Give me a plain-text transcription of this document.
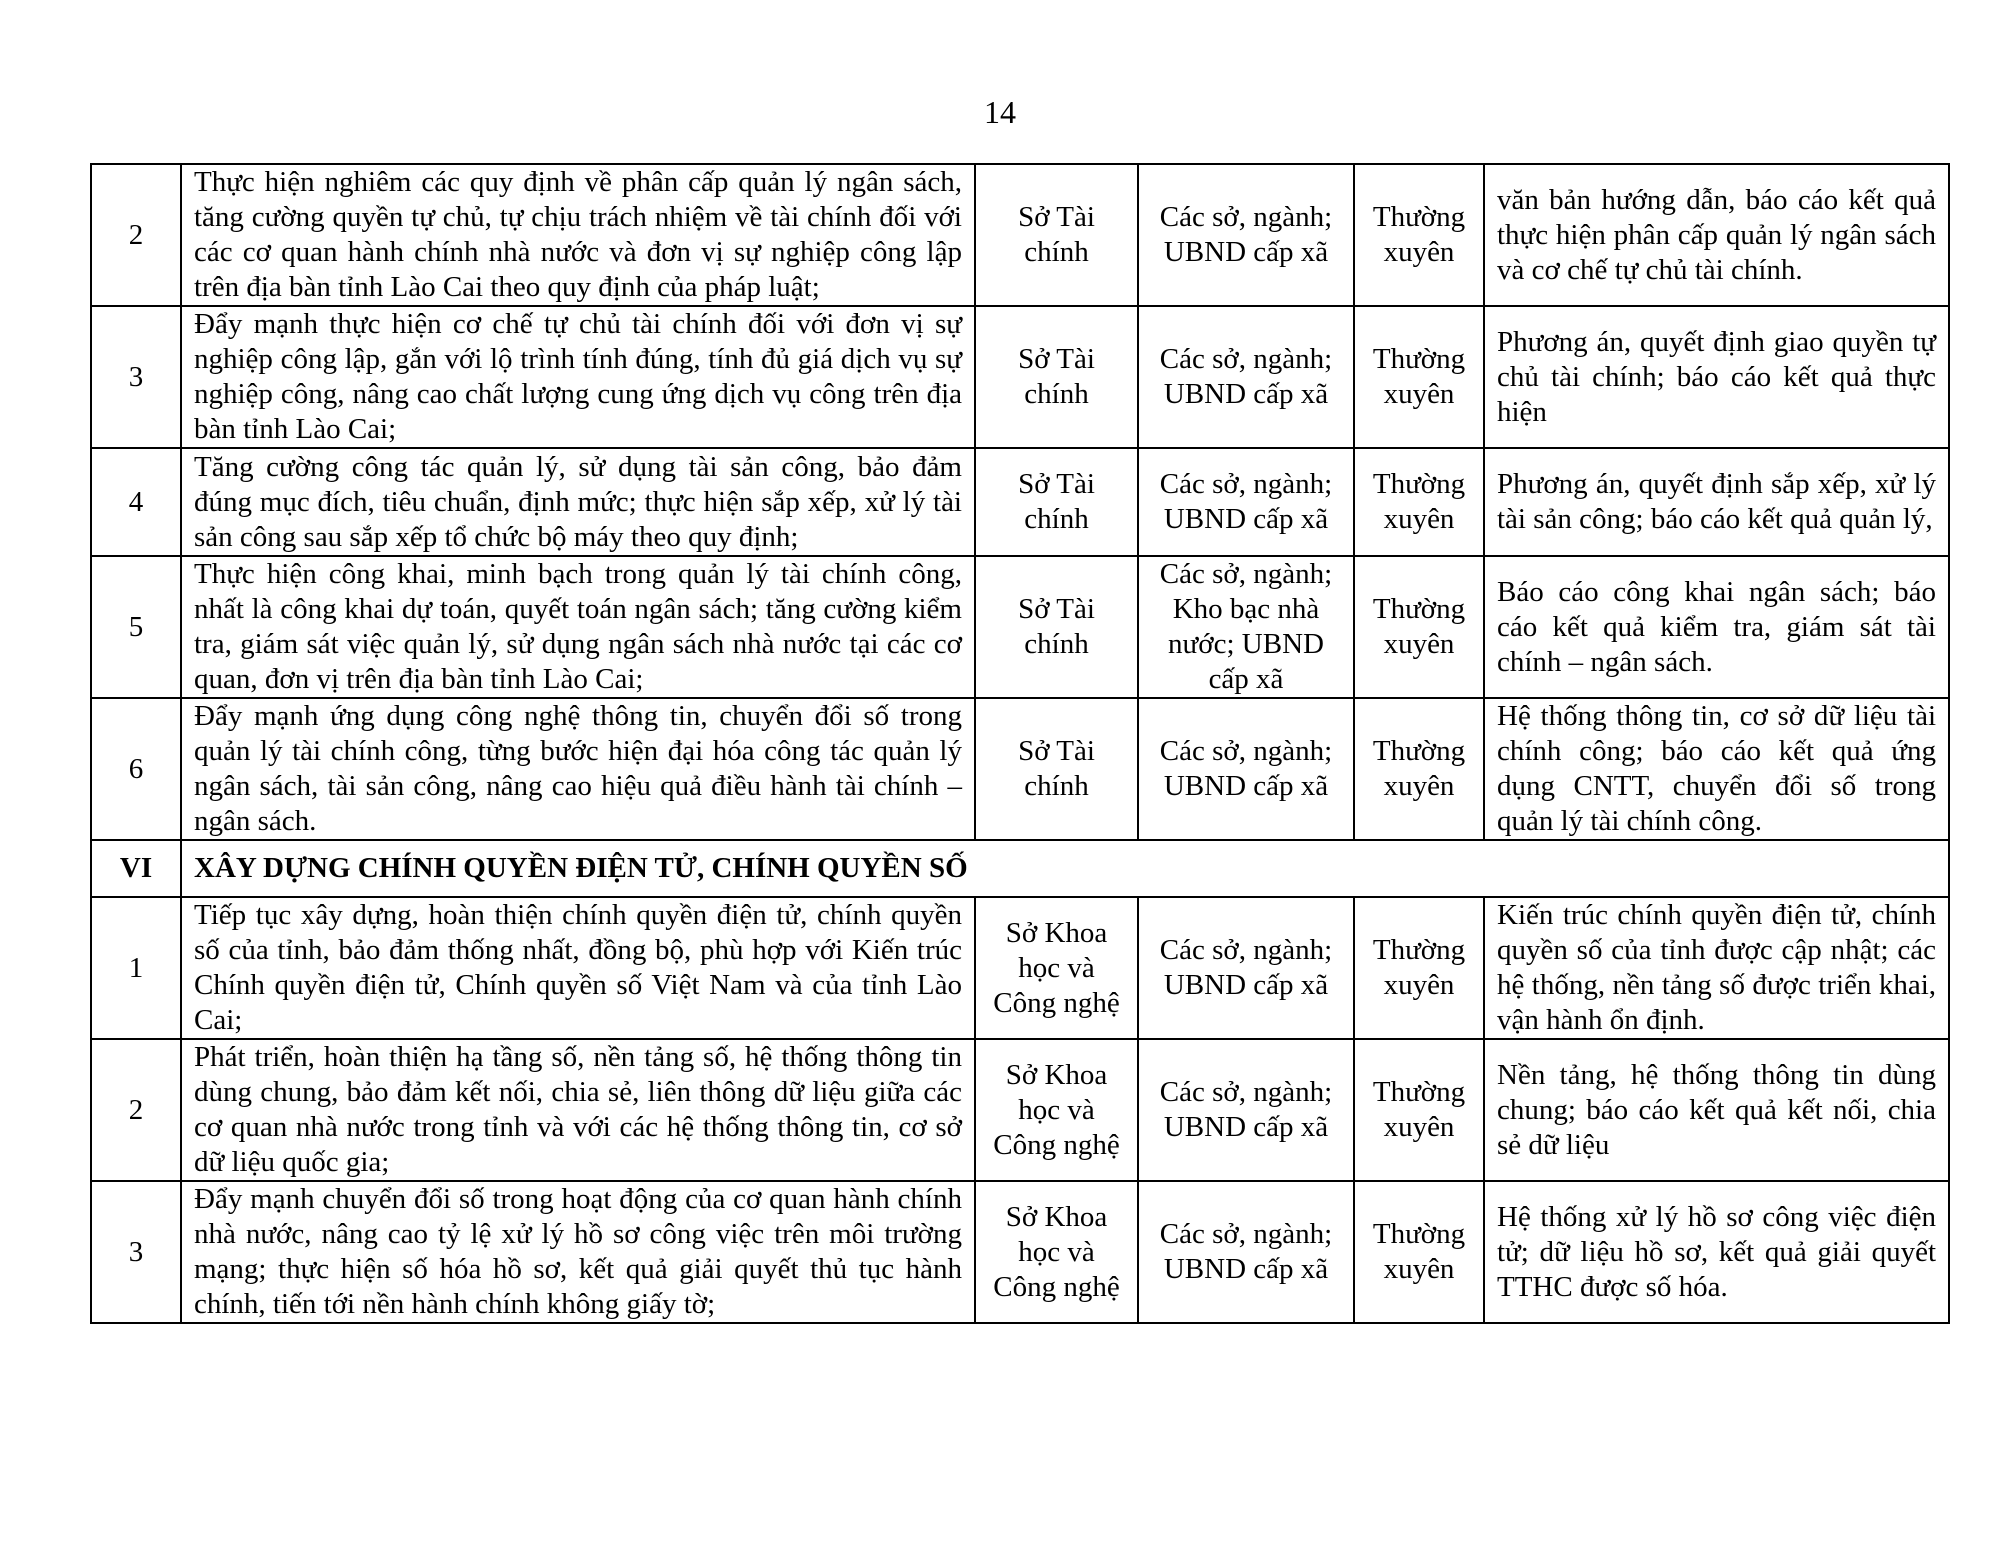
14
2	Thực hiện nghiêm các quy định về phân cấp quản lý ngân sách, tăng cường quyền tự chủ, tự chịu trách nhiệm về tài chính đối với các cơ quan hành chính nhà nước và đơn vị sự nghiệp công lập trên địa bàn tỉnh Lào Cai theo quy định của pháp luật;	Sở Tài chính	Các sở, ngành; UBND cấp xã	Thường xuyên	văn bản hướng dẫn, báo cáo kết quả thực hiện phân cấp quản lý ngân sách và cơ chế tự chủ tài chính.
3	Đẩy mạnh thực hiện cơ chế tự chủ tài chính đối với đơn vị sự nghiệp công lập, gắn với lộ trình tính đúng, tính đủ giá dịch vụ sự nghiệp công, nâng cao chất lượng cung ứng dịch vụ công trên địa bàn tỉnh Lào Cai;	Sở Tài chính	Các sở, ngành; UBND cấp xã	Thường xuyên	Phương án, quyết định giao quyền tự chủ tài chính; báo cáo kết quả thực hiện
4	Tăng cường công tác quản lý, sử dụng tài sản công, bảo đảm đúng mục đích, tiêu chuẩn, định mức; thực hiện sắp xếp, xử lý tài sản công sau sắp xếp tổ chức bộ máy theo quy định;	Sở Tài chính	Các sở, ngành; UBND cấp xã	Thường xuyên	Phương án, quyết định sắp xếp, xử lý tài sản công; báo cáo kết quả quản lý,
5	Thực hiện công khai, minh bạch trong quản lý tài chính công, nhất là công khai dự toán, quyết toán ngân sách; tăng cường kiểm tra, giám sát việc quản lý, sử dụng ngân sách nhà nước tại các cơ quan, đơn vị trên địa bàn tỉnh Lào Cai;	Sở Tài chính	Các sở, ngành; Kho bạc nhà nước; UBND cấp xã	Thường xuyên	Báo cáo công khai ngân sách; báo cáo kết quả kiểm tra, giám sát tài chính – ngân sách.
6	Đẩy mạnh ứng dụng công nghệ thông tin, chuyển đổi số trong quản lý tài chính công, từng bước hiện đại hóa công tác quản lý ngân sách, tài sản công, nâng cao hiệu quả điều hành tài chính – ngân sách.	Sở Tài chính	Các sở, ngành; UBND cấp xã	Thường xuyên	Hệ thống thông tin, cơ sở dữ liệu tài chính công; báo cáo kết quả ứng dụng CNTT, chuyển đổi số trong quản lý tài chính công.
VI	XÂY DỰNG CHÍNH QUYỀN ĐIỆN TỬ, CHÍNH QUYỀN SỐ				
1	Tiếp tục xây dựng, hoàn thiện chính quyền điện tử, chính quyền số của tỉnh, bảo đảm thống nhất, đồng bộ, phù hợp với Kiến trúc Chính quyền điện tử, Chính quyền số Việt Nam và của tỉnh Lào Cai;	Sở Khoa học và Công nghệ	Các sở, ngành; UBND cấp xã	Thường xuyên	Kiến trúc chính quyền điện tử, chính quyền số của tỉnh được cập nhật; các hệ thống, nền tảng số được triển khai, vận hành ổn định.
2	Phát triển, hoàn thiện hạ tầng số, nền tảng số, hệ thống thông tin dùng chung, bảo đảm kết nối, chia sẻ, liên thông dữ liệu giữa các cơ quan nhà nước trong tỉnh và với các hệ thống thông tin, cơ sở dữ liệu quốc gia;	Sở Khoa học và Công nghệ	Các sở, ngành; UBND cấp xã	Thường xuyên	Nền tảng, hệ thống thông tin dùng chung; báo cáo kết quả kết nối, chia sẻ dữ liệu
3	Đẩy mạnh chuyển đổi số trong hoạt động của cơ quan hành chính nhà nước, nâng cao tỷ lệ xử lý hồ sơ công việc trên môi trường mạng; thực hiện số hóa hồ sơ, kết quả giải quyết thủ tục hành chính, tiến tới nền hành chính không giấy tờ;	Sở Khoa học và Công nghệ	Các sở, ngành; UBND cấp xã	Thường xuyên	Hệ thống xử lý hồ sơ công việc điện tử; dữ liệu hồ sơ, kết quả giải quyết TTHC được số hóa.
